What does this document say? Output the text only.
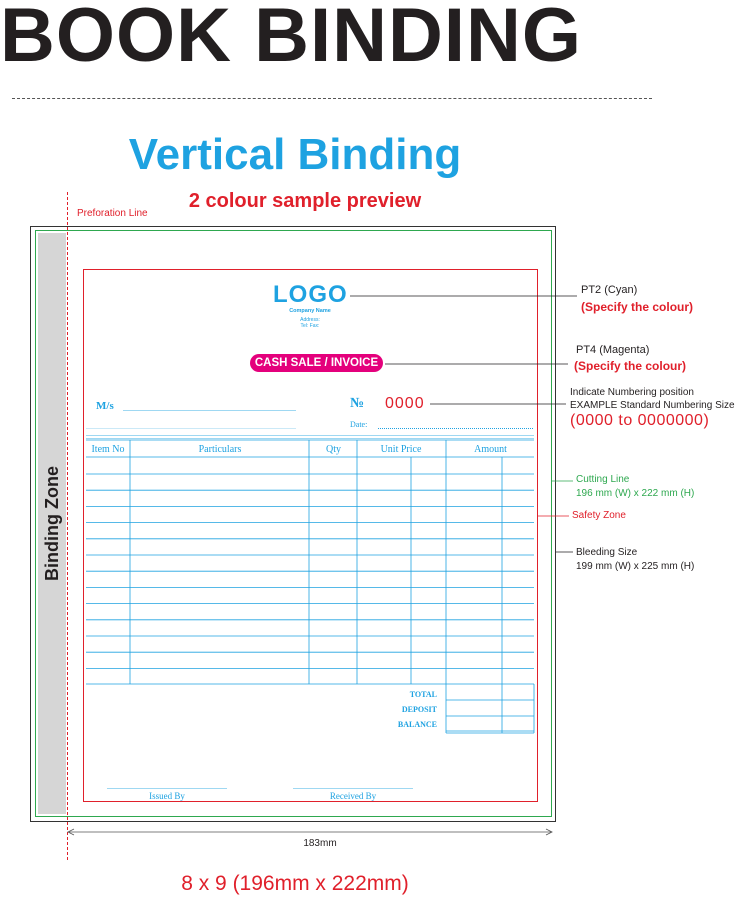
BOOK BINDING
Vertical Binding
2 colour sample preview
Preforation Line
Binding Zone
LOGO
Company Name
Address:
Tel: Fax:
CASH SALE / INVOICE
M/s	№ 0000
Date:
Item No	Particulars	Qty	Unit Price	Amount
TOTAL
DEPOSIT
BALANCE
Issued By	Received By
PT2 (Cyan)
(Specify the colour)
PT4 (Magenta)
(Specify the colour)
Indicate Numbering position
EXAMPLE Standard Numbering Size
(0000 to 0000000)
Cutting Line
196 mm (W) x 222 mm (H)
Safety Zone
Bleeding Size
199 mm (W) x 225 mm (H)
183mm
8 x 9 (196mm x 222mm)
